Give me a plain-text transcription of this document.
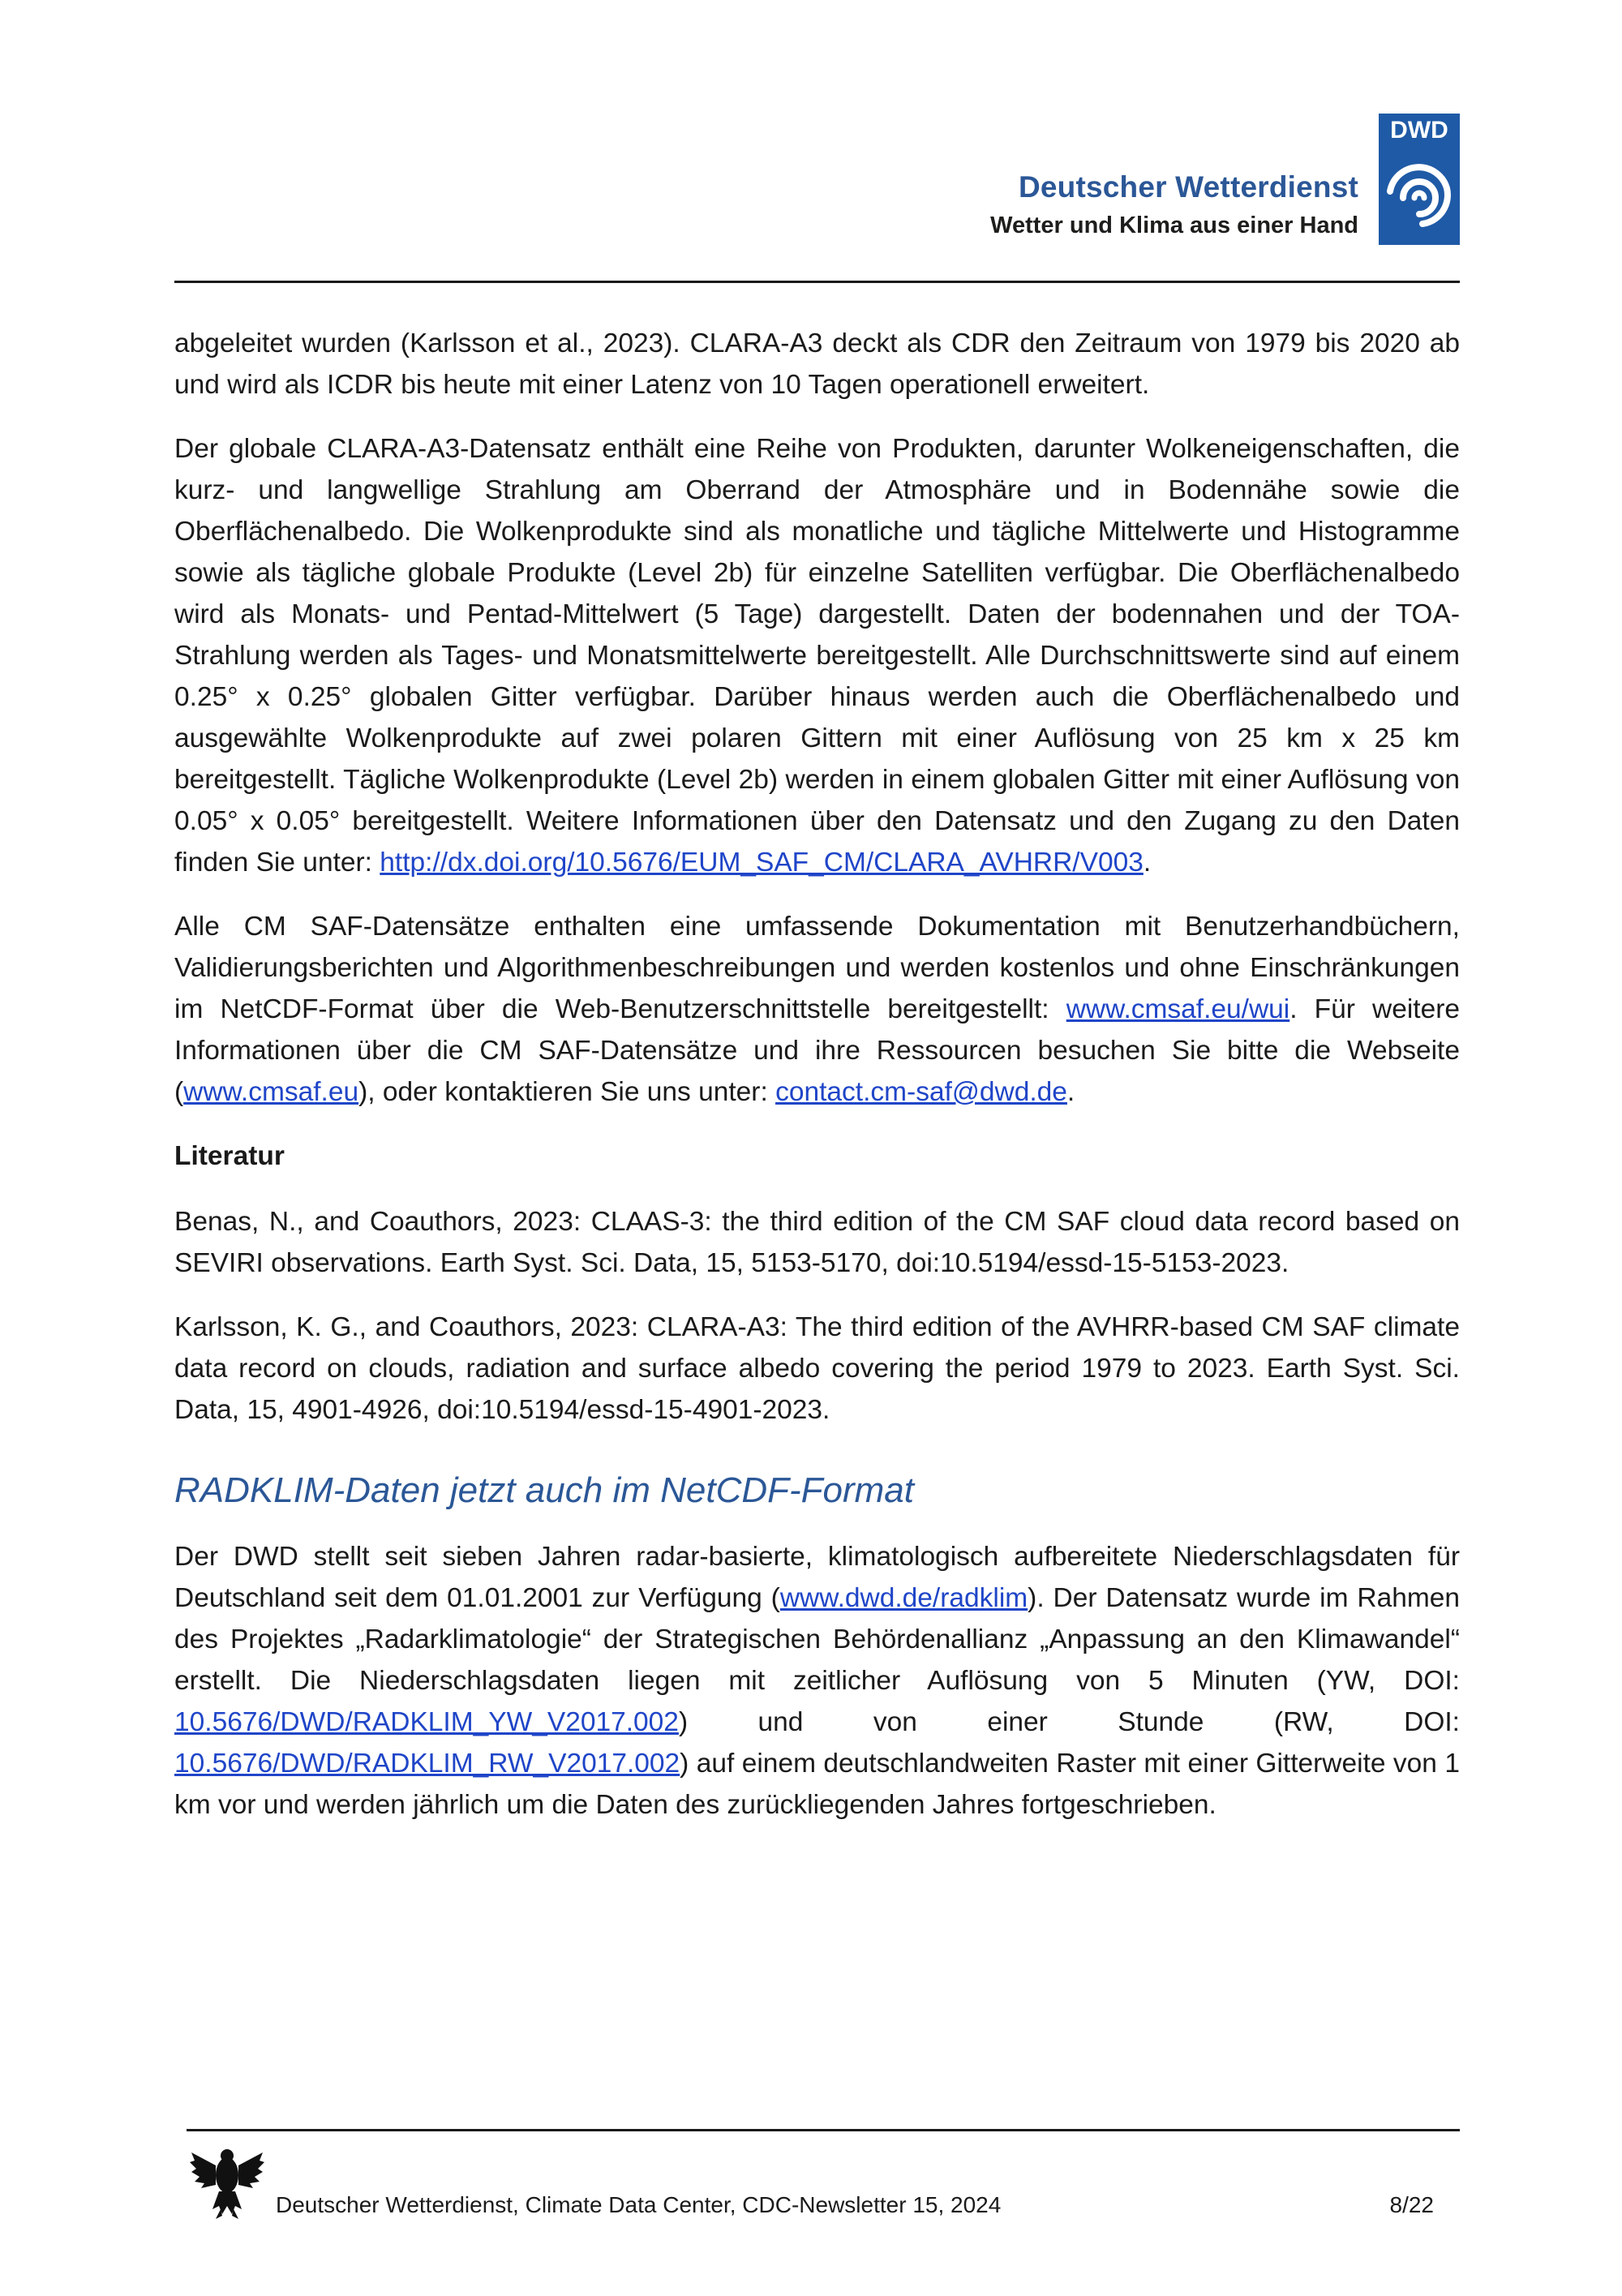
Deutscher Wetterdienst
Wetter und Klima aus einer Hand
DWD

abgeleitet wurden (Karlsson et al., 2023). CLARA-A3 deckt als CDR den Zeitraum von 1979 bis 2020 ab und wird als ICDR bis heute mit einer Latenz von 10 Tagen operationell erweitert.

Der globale CLARA-A3-Datensatz enthält eine Reihe von Produkten, darunter Wolkeneigenschaften, die kurz- und langwellige Strahlung am Oberrand der Atmosphäre und in Bodennähe sowie die Oberflächenalbedo. Die Wolkenprodukte sind als monatliche und tägliche Mittelwerte und Histogramme sowie als tägliche globale Produkte (Level 2b) für einzelne Satelliten verfügbar. Die Oberflächenalbedo wird als Monats- und Pentad-Mittelwert (5 Tage) dargestellt. Daten der bodennahen und der TOA-Strahlung werden als Tages- und Monatsmittelwerte bereitgestellt. Alle Durchschnittswerte sind auf einem 0.25° x 0.25° globalen Gitter verfügbar. Darüber hinaus werden auch die Oberflächenalbedo und ausgewählte Wolkenprodukte auf zwei polaren Gittern mit einer Auflösung von 25 km x 25 km bereitgestellt. Tägliche Wolkenprodukte (Level 2b) werden in einem globalen Gitter mit einer Auflösung von 0.05° x 0.05° bereitgestellt. Weitere Informationen über den Datensatz und den Zugang zu den Daten finden Sie unter: http://dx.doi.org/10.5676/EUM_SAF_CM/CLARA_AVHRR/V003.

Alle CM SAF-Datensätze enthalten eine umfassende Dokumentation mit Benutzerhandbüchern, Validierungsberichten und Algorithmenbeschreibungen und werden kostenlos und ohne Einschränkungen im NetCDF-Format über die Web-Benutzerschnittstelle bereitgestellt: www.cmsaf.eu/wui. Für weitere Informationen über die CM SAF-Datensätze und ihre Ressourcen besuchen Sie bitte die Webseite (www.cmsaf.eu), oder kontaktieren Sie uns unter: contact.cm-saf@dwd.de.

Literatur

Benas, N., and Coauthors, 2023: CLAAS-3: the third edition of the CM SAF cloud data record based on SEVIRI observations. Earth Syst. Sci. Data, 15, 5153-5170, doi:10.5194/essd-15-5153-2023.

Karlsson, K. G., and Coauthors, 2023: CLARA-A3: The third edition of the AVHRR-based CM SAF climate data record on clouds, radiation and surface albedo covering the period 1979 to 2023. Earth Syst. Sci. Data, 15, 4901-4926, doi:10.5194/essd-15-4901-2023.

RADKLIM-Daten jetzt auch im NetCDF-Format

Der DWD stellt seit sieben Jahren radar-basierte, klimatologisch aufbereitete Niederschlagsdaten für Deutschland seit dem 01.01.2001 zur Verfügung (www.dwd.de/radklim). Der Datensatz wurde im Rahmen des Projektes „Radarklimatologie“ der Strategischen Behördenallianz „Anpassung an den Klimawandel“ erstellt. Die Niederschlagsdaten liegen mit zeitlicher Auflösung von 5 Minuten (YW, DOI: 10.5676/DWD/RADKLIM_YW_V2017.002) und von einer Stunde (RW, DOI: 10.5676/DWD/RADKLIM_RW_V2017.002) auf einem deutschlandweiten Raster mit einer Gitterweite von 1 km vor und werden jährlich um die Daten des zurückliegenden Jahres fortgeschrieben.

Deutscher Wetterdienst, Climate Data Center, CDC-Newsletter 15, 2024	8/22
